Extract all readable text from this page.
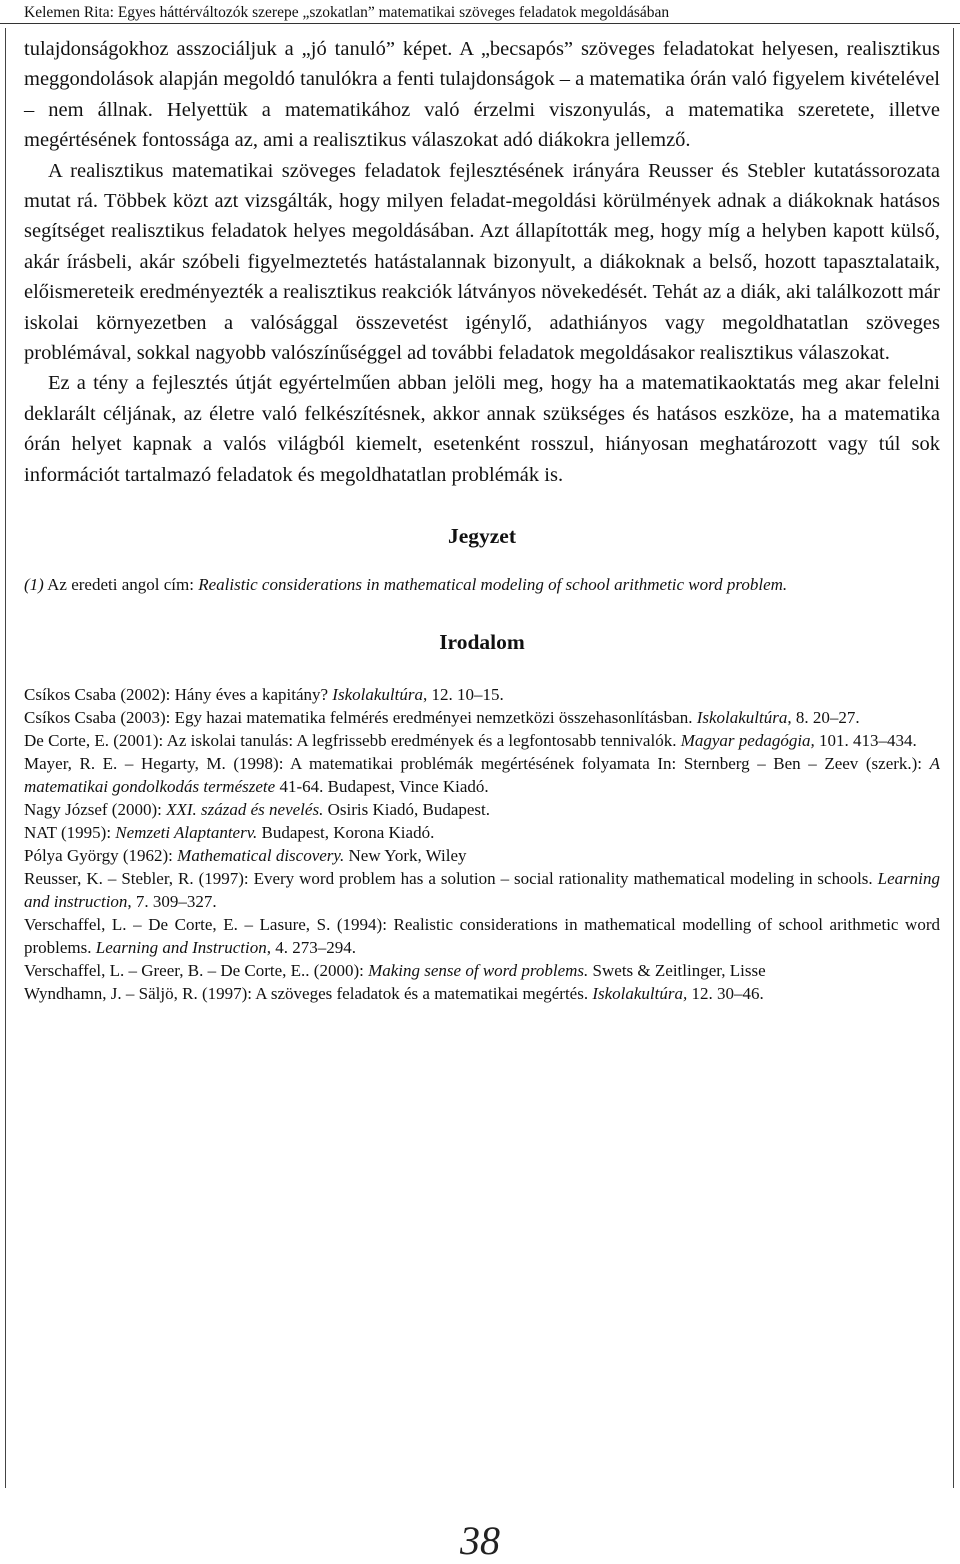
Kelemen Rita: Egyes háttérváltozók szerepe „szokatlan” matematikai szöveges feladatok megoldásában

tulajdonságokhoz asszociáljuk a „jó tanuló” képet. A „becsapós” szöveges feladatokat helyesen, realisztikus meggondolások alapján megoldó tanulókra a fenti tulajdonságok – a matematika órán való figyelem kivételével – nem állnak. Helyettük a matematikához való érzelmi viszonyulás, a matematika szeretete, illetve megértésének fontossága az, ami a realisztikus válaszokat adó diákokra jellemző.

A realisztikus matematikai szöveges feladatok fejlesztésének irányára Reusser és Stebler kutatássorozata mutat rá. Többek közt azt vizsgálták, hogy milyen feladat-megoldási körülmények adnak a diákoknak hatásos segítséget realisztikus feladatok helyes megoldásában. Azt állapították meg, hogy míg a helyben kapott külső, akár írásbeli, akár szóbeli figyelmeztetés hatástalannak bizonyult, a diákoknak a belső, hozott tapasztalataik, előismereteik eredményezték a realisztikus reakciók látványos növekedését. Tehát az a diák, aki találkozott már iskolai környezetben a valósággal összevetést igénylő, adathiányos vagy megoldhatatlan szöveges problémával, sokkal nagyobb valószínűséggel ad további feladatok megoldásakor realisztikus válaszokat.

Ez a tény a fejlesztés útját egyértelműen abban jelöli meg, hogy ha a matematikaoktatás meg akar felelni deklarált céljának, az életre való felkészítésnek, akkor annak szükséges és hatásos eszköze, ha a matematika órán helyet kapnak a valós világból kiemelt, esetenként rosszul, hiányosan meghatározott vagy túl sok információt tartalmazó feladatok és megoldhatatlan problémák is.

Jegyzet

(1) Az eredeti angol cím: Realistic considerations in mathematical modeling of school arithmetic word problem.

Irodalom

Csíkos Csaba (2002): Hány éves a kapitány? Iskolakultúra, 12. 10–15.

Csíkos Csaba (2003): Egy hazai matematika felmérés eredményei nemzetközi összehasonlításban. Iskolakultúra, 8. 20–27.

De Corte, E. (2001): Az iskolai tanulás: A legfrissebb eredmények és a legfontosabb tennivalók. Magyar pedagógia, 101. 413–434.

Mayer, R. E. – Hegarty, M. (1998): A matematikai problémák megértésének folyamata In: Sternberg – Ben – Zeev (szerk.): A matematikai gondolkodás természete 41-64. Budapest, Vince Kiadó.

Nagy József (2000): XXI. század és nevelés. Osiris Kiadó, Budapest.

NAT (1995): Nemzeti Alaptanterv. Budapest, Korona Kiadó.

Pólya György (1962): Mathematical discovery. New York, Wiley

Reusser, K. – Stebler, R. (1997): Every word problem has a solution – social rationality mathematical modeling in schools. Learning and instruction, 7. 309–327.

Verschaffel, L. – De Corte, E. – Lasure, S. (1994): Realistic considerations in mathematical modelling of school arithmetic word problems. Learning and Instruction, 4. 273–294.

Verschaffel, L. – Greer, B. – De Corte, E.. (2000): Making sense of word problems. Swets & Zeitlinger, Lisse

Wyndhamn, J. – Säljö, R. (1997): A szöveges feladatok és a matematikai megértés. Iskolakultúra, 12. 30–46.

38
